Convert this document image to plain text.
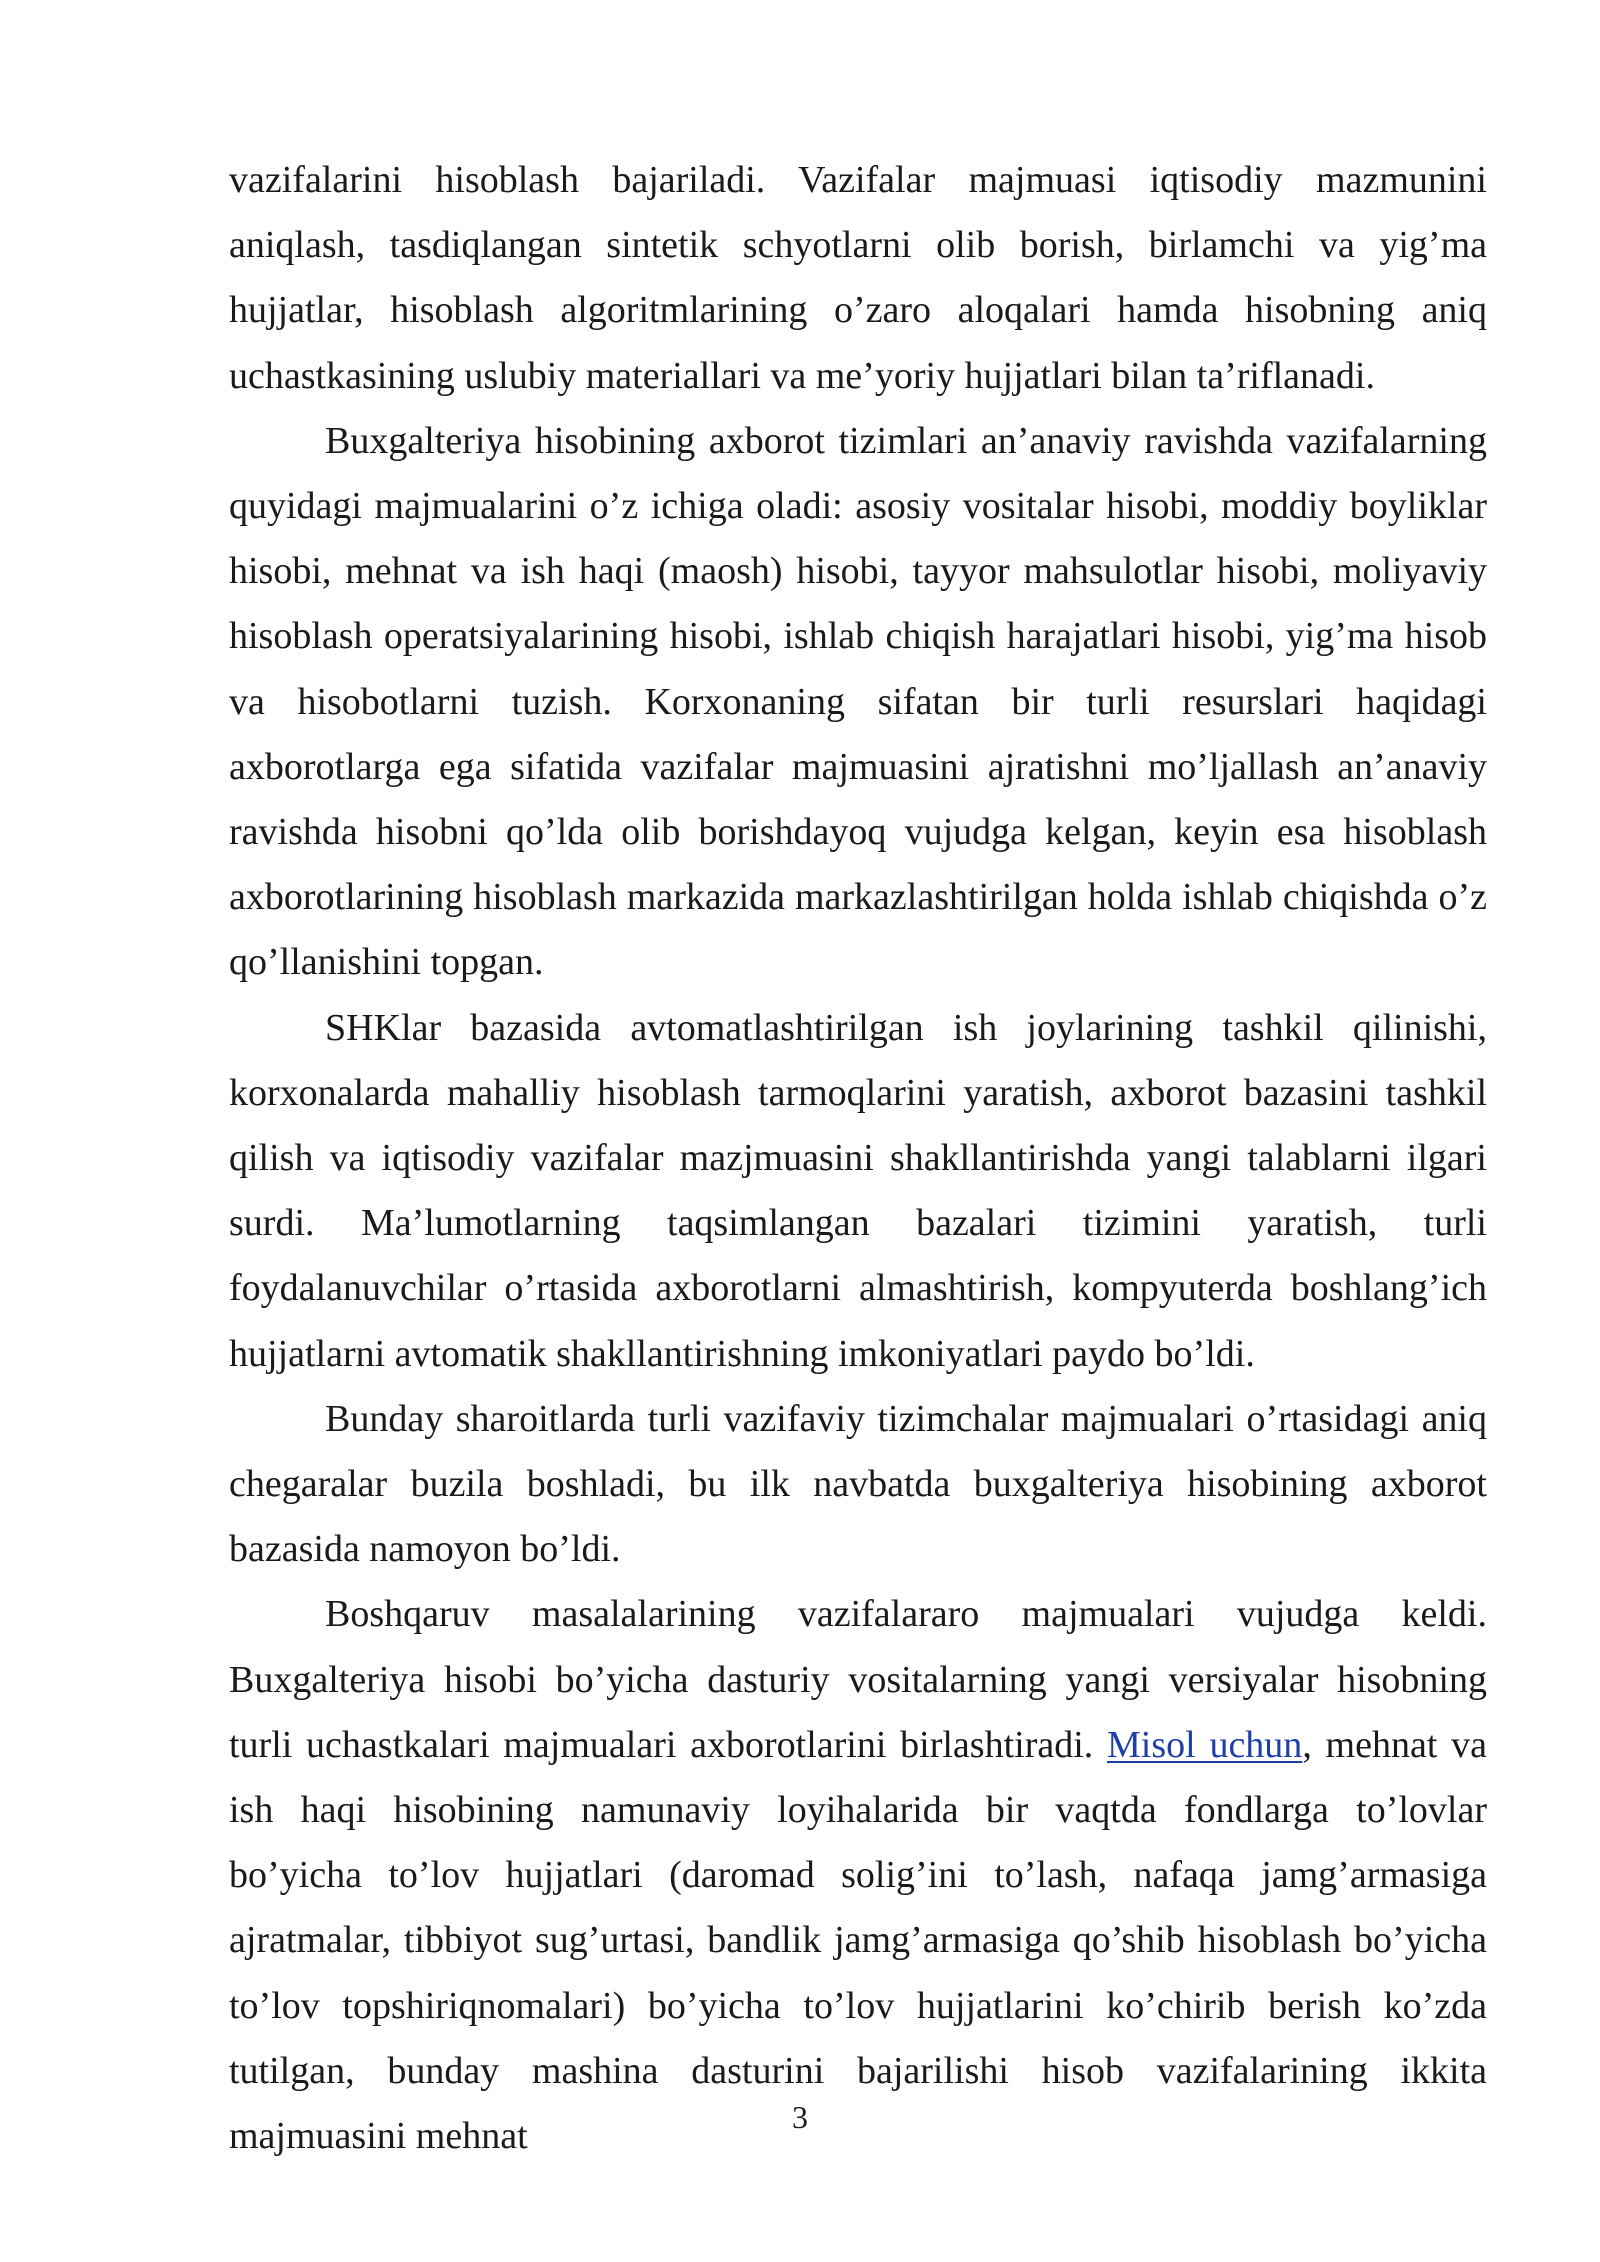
vazifalarini hisoblash bajariladi. Vazifalar majmuasi iqtisodiy mazmunini aniqlash, tasdiqlangan sintetik schyotlarni olib borish, birlamchi va yig’ma hujjatlar, hisoblash algoritmlarining o’zaro aloqalari hamda hisobning aniq uchastkasining uslubiy materiallari va me’yoriy hujjatlari bilan ta’riflanadi.

Buxgalteriya hisobining axborot tizimlari an’anaviy ravishda vazifalarning quyidagi majmualarini o’z ichiga oladi: asosiy vositalar hisobi, moddiy boyliklar hisobi, mehnat va ish haqi (maosh) hisobi, tayyor mahsulotlar hisobi, moliyaviy hisoblash operatsiyalarining hisobi, ishlab chiqish harajatlari hisobi, yig’ma hisob va hisobotlarni tuzish. Korxonaning sifatan bir turli resurslari haqidagi axborotlarga ega sifatida vazifalar majmuasini ajratishni mo’ljallash an’anaviy ravishda hisobni qo’lda olib borishdayoq vujudga kelgan, keyin esa hisoblash axborotlarining hisoblash markazida markazlashtirilgan holda ishlab chiqishda o’z qo’llanishini topgan.

SHKlar bazasida avtomatlashtirilgan ish joylarining tashkil qilinishi, korxonalarda mahalliy hisoblash tarmoqlarini yaratish, axborot bazasini tashkil qilish va iqtisodiy vazifalar mazjmuasini shakllantirishda yangi talablarni ilgari surdi. Ma’lumotlarning taqsimlangan bazalari tizimini yaratish, turli foydalanuvchilar o’rtasida axborotlarni almashtirish, kompyuterda boshlang’ich hujjatlarni avtomatik shakllantirishning imkoniyatlari paydo bo’ldi.

Bunday sharoitlarda turli vazifaviy tizimchalar majmualari o’rtasidagi aniq chegaralar buzila boshladi, bu ilk navbatda buxgalteriya hisobining axborot bazasida namoyon bo’ldi.

Boshqaruv masalalarining vazifalararo majmualari vujudga keldi. Buxgalteriya hisobi bo’yicha dasturiy vositalarning yangi versiyalar hisobning turli uchastkalari majmualari axborotlarini birlashtiradi. Misol uchun, mehnat va ish haqi hisobining namunaviy loyihalarida bir vaqtda fondlarga to’lovlar bo’yicha to’lov hujjatlari (daromad solig’ini to’lash, nafaqa jamg’armasiga ajratmalar, tibbiyot sug’urtasi, bandlik jamg’armasiga qo’shib hisoblash bo’yicha to’lov topshiriqnomalari) bo’yicha to’lov hujjatlarini ko’chirib berish ko’zda tutilgan, bunday mashina dasturini bajarilishi hisob vazifalarining ikkita majmuasini mehnat	3
